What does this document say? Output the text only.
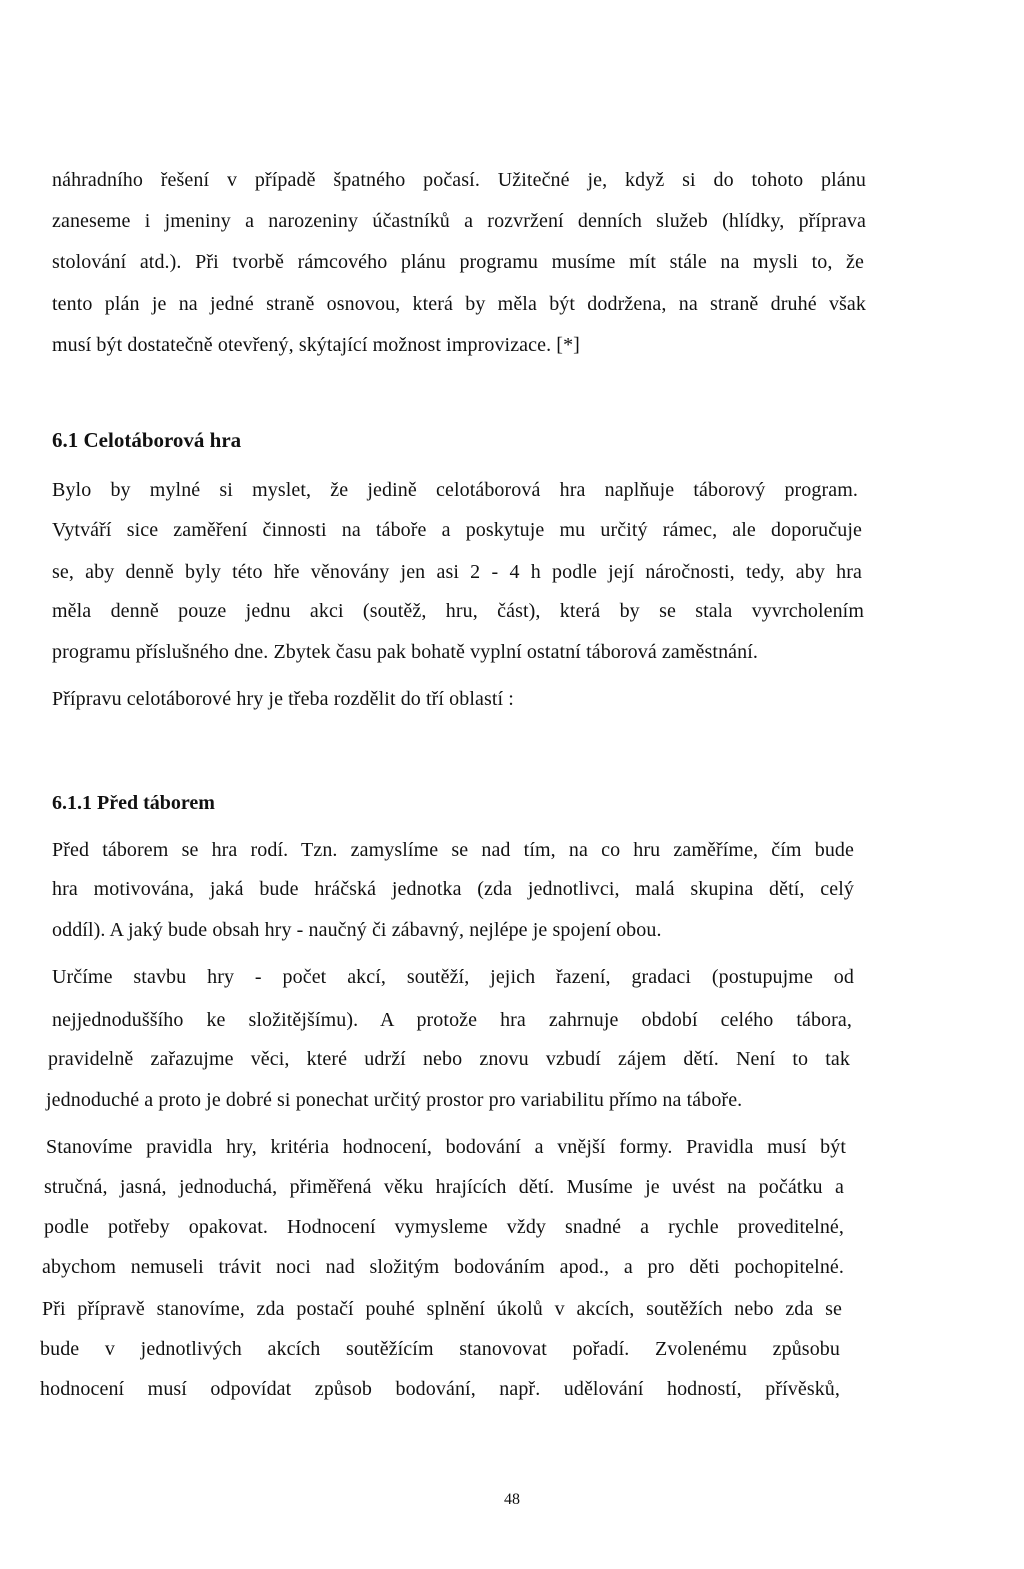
náhradního řešení v případě špatného počasí. Užitečné je, když si do tohoto plánu
zaneseme i jmeniny a narozeniny účastníků a rozvržení denních služeb (hlídky, příprava
stolování atd.). Při tvorbě rámcového plánu programu musíme mít stále na mysli to, že
tento plán je na jedné straně osnovou, která by měla být dodržena, na straně druhé však
musí být dostatečně otevřený, skýtající možnost improvizace. [*]
6.1 Celotáborová hra
Bylo by mylné si myslet, že jedině celotáborová hra naplňuje táborový program.
Vytváří sice zaměření činnosti na táboře a poskytuje mu určitý rámec, ale doporučuje
se, aby denně byly této hře věnovány jen asi 2 - 4 h podle její náročnosti, tedy, aby hra
měla denně pouze jednu akci (soutěž, hru, část), která by se stala vyvrcholením
programu příslušného dne. Zbytek času pak bohatě vyplní ostatní táborová zaměstnání.
Přípravu celotáborové hry je třeba rozdělit do tří oblastí :
6.1.1 Před táborem
Před táborem se hra rodí. Tzn. zamyslíme se nad tím, na co hru zaměříme, čím bude
hra motivována, jaká bude hráčská jednotka (zda jednotlivci, malá skupina dětí, celý
oddíl). A jaký bude obsah hry - naučný či zábavný, nejlépe je spojení obou.
Určíme stavbu hry - počet akcí, soutěží, jejich řazení, gradaci (postupujme od
nejjednoduššího ke složitějšímu). A protože hra zahrnuje období celého tábora,
pravidelně zařazujme věci, které udrží nebo znovu vzbudí zájem dětí. Není to tak
jednoduché a proto je dobré si ponechat určitý prostor pro variabilitu přímo na táboře.
Stanovíme pravidla hry, kritéria hodnocení, bodování a vnější formy. Pravidla musí být
stručná, jasná, jednoduchá, přiměřená věku hrajících dětí. Musíme je uvést na počátku a
podle potřeby opakovat. Hodnocení vymysleme vždy snadné a rychle proveditelné,
abychom nemuseli trávit noci nad složitým bodováním apod., a pro děti pochopitelné.
Při přípravě stanovíme, zda postačí pouhé splnění úkolů v akcích, soutěžích nebo zda se
bude v jednotlivých akcích soutěžícím stanovovat pořadí. Zvolenému způsobu
hodnocení musí odpovídat způsob bodování, např. udělování hodností, přívěsků,
48
